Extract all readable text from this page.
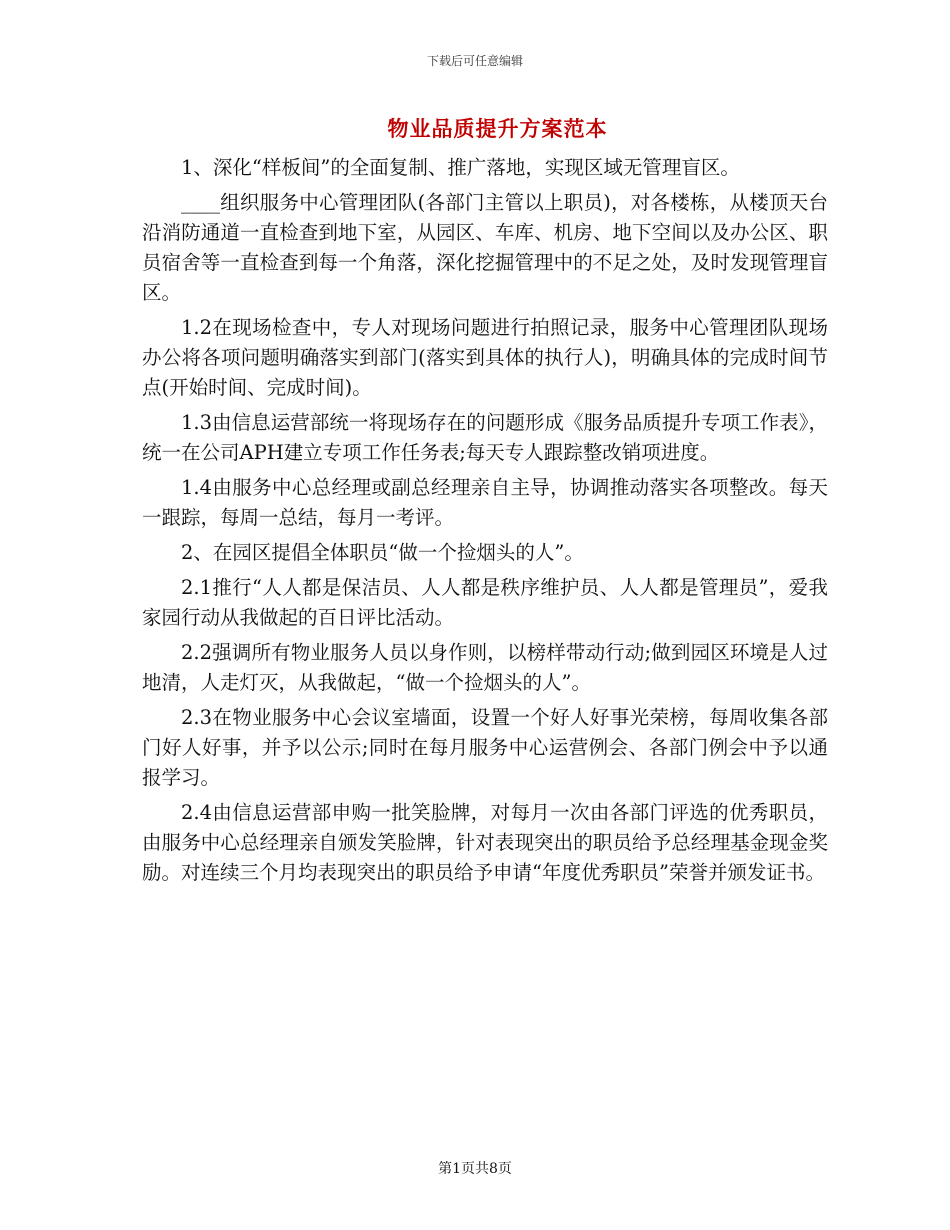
下载后可任意编辑
物业品质提升方案范本

1、深化“样板间”的全面复制、推广落地，实现区域无管理盲区。

____组织服务中心管理团队(各部门主管以上职员)，对各楼栋，从楼顶天台沿消防通道一直检查到地下室，从园区、车库、机房、地下空间以及办公区、职员宿舍等一直检查到每一个角落，深化挖掘管理中的不足之处，及时发现管理盲区。

1.2在现场检查中，专人对现场问题进行拍照记录，服务中心管理团队现场办公将各项问题明确落实到部门(落实到具体的执行人)，明确具体的完成时间节点(开始时间、完成时间)。

1.3由信息运营部统一将现场存在的问题形成《服务品质提升专项工作表》，统一在公司APH建立专项工作任务表;每天专人跟踪整改销项进度。

1.4由服务中心总经理或副总经理亲自主导，协调推动落实各项整改。每天一跟踪，每周一总结，每月一考评。

2、在园区提倡全体职员“做一个捡烟头的人”。

2.1推行“人人都是保洁员、人人都是秩序维护员、人人都是管理员”，爱我家园行动从我做起的百日评比活动。

2.2强调所有物业服务人员以身作则，以榜样带动行动;做到园区环境是人过地清，人走灯灭，从我做起，“做一个捡烟头的人”。

2.3在物业服务中心会议室墙面，设置一个好人好事光荣榜，每周收集各部门好人好事，并予以公示;同时在每月服务中心运营例会、各部门例会中予以通报学习。

2.4由信息运营部申购一批笑脸牌，对每月一次由各部门评选的优秀职员，由服务中心总经理亲自颁发笑脸牌，针对表现突出的职员给予总经理基金现金奖励。对连续三个月均表现突出的职员给予申请“年度优秀职员”荣誉并颁发证书。

第1页共8页
